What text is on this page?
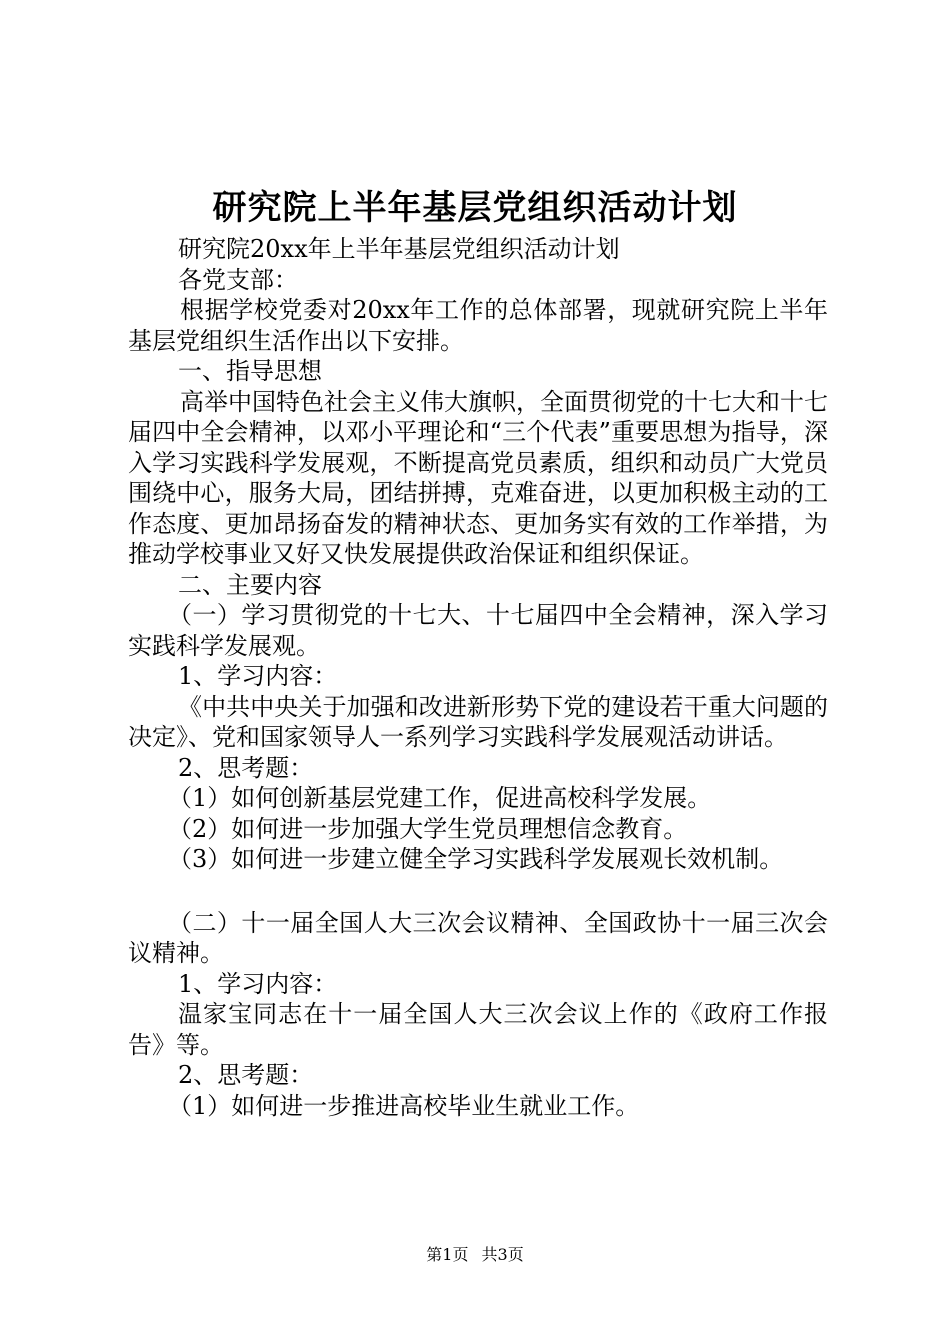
研究院上半年基层党组织活动计划

研究院20xx年上半年基层党组织活动计划

各党支部：

根据学校党委对20xx年工作的总体部署，现就研究院上半年基层党组织生活作出以下安排。

一、指导思想

高举中国特色社会主义伟大旗帜，全面贯彻党的十七大和十七届四中全会精神，以邓小平理论和“三个代表”重要思想为指导，深入学习实践科学发展观，不断提高党员素质，组织和动员广大党员围绕中心，服务大局，团结拼搏，克难奋进，以更加积极主动的工作态度、更加昂扬奋发的精神状态、更加务实有效的工作举措，为推动学校事业又好又快发展提供政治保证和组织保证。

二、主要内容

（一）学习贯彻党的十七大、十七届四中全会精神，深入学习实践科学发展观。

1、学习内容：

《中共中央关于加强和改进新形势下党的建设若干重大问题的决定》、党和国家领导人一系列学习实践科学发展观活动讲话。

2、思考题：

（1）如何创新基层党建工作，促进高校科学发展。

（2）如何进一步加强大学生党员理想信念教育。

（3）如何进一步建立健全学习实践科学发展观长效机制。

（二）十一届全国人大三次会议精神、全国政协十一届三次会议精神。

1、学习内容：

温家宝同志在十一届全国人大三次会议上作的《政府工作报告》等。

2、思考题：

（1）如何进一步推进高校毕业生就业工作。

第1页 共3页
